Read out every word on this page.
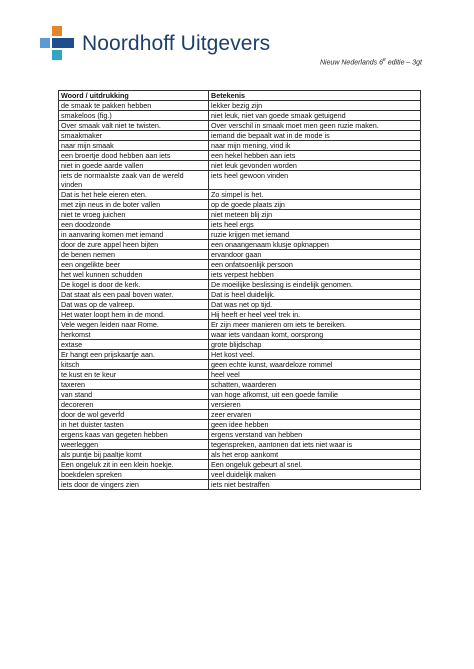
Noordhoff Uitgevers
Nieuw Nederlands 6e editie – 3gt
Woord / uitdrukking	Betekenis
de smaak te pakken hebben	lekker bezig zijn
smakeloos (fig.)	niet leuk, niet van goede smaak getuigend
Over smaak valt niet te twisten.	Over verschil in smaak moet men geen ruzie maken.
smaakmaker	iemand die bepaalt wat in de mode is
naar mijn smaak	naar mijn mening, vind ik
een broertje dood hebben aan iets	een hekel hebben aan iets
niet in goede aarde vallen	niet leuk gevonden worden
iets de normaalste zaak van de wereld vinden	iets heel gewoon vinden
Dat is het hele eieren eten.	Zo simpel is het.
met zijn neus in de boter vallen	op de goede plaats zijn
niet te vroeg juichen	niet meteen blij zijn
een doodzonde	iets heel ergs
in aanvaring komen met iemand	ruzie krijgen met iemand
door de zure appel heen bijten	een onaangenaam klusje opknappen
de benen nemen	ervandoor gaan
een ongelikte beer	een onfatsoenlijk persoon
het wel kunnen schudden	iets verpest hebben
De kogel is door de kerk.	De moeilijke beslissing is eindelijk genomen.
Dat staat als een paal boven water.	Dat is heel duidelijk.
Dat was op de valreep.	Dat was net op tijd.
Het water loopt hem in de mond.	Hij heeft er heel veel trek in.
Vele wegen leiden naar Rome.	Er zijn meer manieren om iets te bereiken.
herkomst	waar iets vandaan komt, oorsprong
extase	grote blijdschap
Er hangt een prijskaartje aan.	Het kost veel.
kitsch	geen echte kunst, waardeloze rommel
te kust en te keur	heel veel
taxeren	schatten, waarderen
van stand	van hoge afkomst, uit een goede familie
decoreren	versieren
door de wol geverfd	zeer ervaren
in het duister tasten	geen idee hebben
ergens kaas van gegeten hebben	ergens verstand van hebben
weerleggen	tegenspreken, aantonen dat iets niet waar is
als puntje bij paaltje komt	als het erop aankomt
Een ongeluk zit in een klein hoekje.	Een ongeluk gebeurt al snel.
boekdelen spreken	veel duidelijk maken
iets door de vingers zien	iets niet bestraffen
